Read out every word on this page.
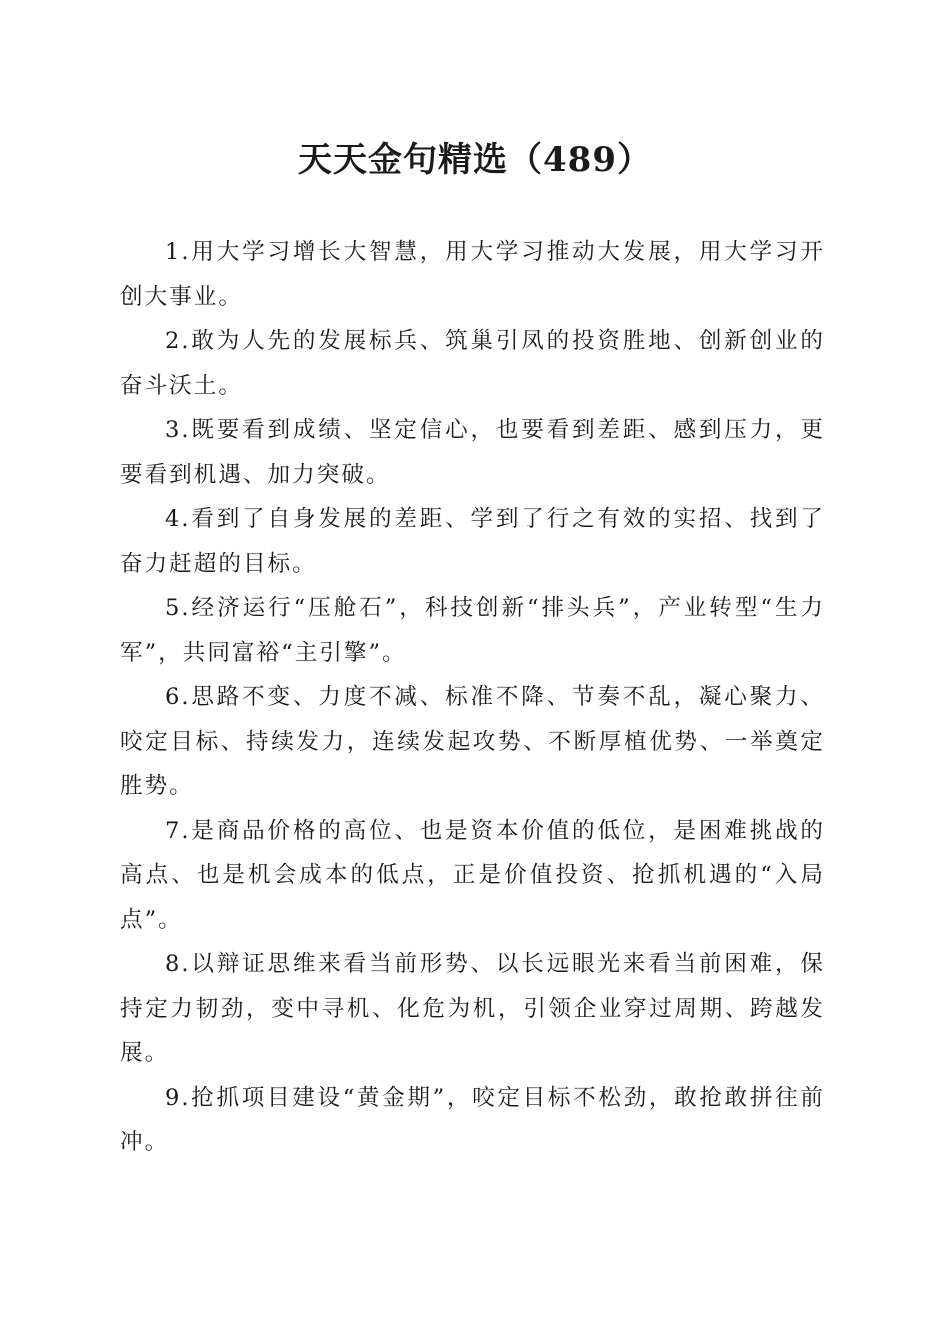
天天金句精选（489）

1.用大学习增长大智慧，用大学习推动大发展，用大学习开创大事业。

2.敢为人先的发展标兵、筑巢引凤的投资胜地、创新创业的奋斗沃土。

3.既要看到成绩、坚定信心，也要看到差距、感到压力，更要看到机遇、加力突破。

4.看到了自身发展的差距、学到了行之有效的实招、找到了奋力赶超的目标。

5.经济运行“压舱石”，科技创新“排头兵”，产业转型“生力军”，共同富裕“主引擎”。

6.思路不变、力度不减、标准不降、节奏不乱，凝心聚力、咬定目标、持续发力，连续发起攻势、不断厚植优势、一举奠定胜势。

7.是商品价格的高位、也是资本价值的低位，是困难挑战的高点、也是机会成本的低点，正是价值投资、抢抓机遇的“入局点”。

8.以辩证思维来看当前形势、以长远眼光来看当前困难，保持定力韧劲，变中寻机、化危为机，引领企业穿过周期、跨越发展。

9.抢抓项目建设“黄金期”，咬定目标不松劲，敢抢敢拼往前冲。
